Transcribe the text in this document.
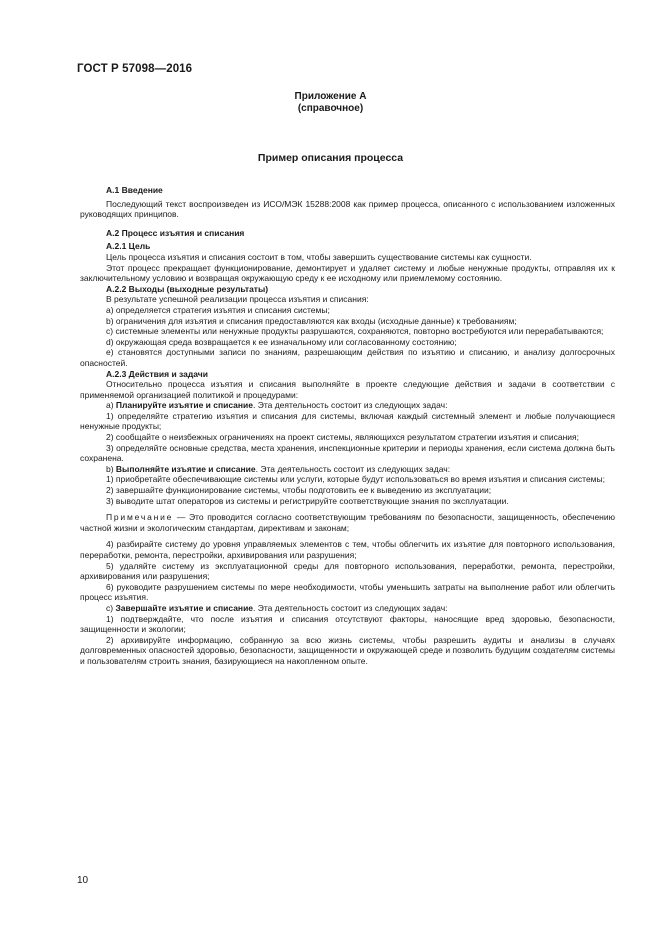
ГОСТ Р 57098—2016
Приложение А
(справочное)
Пример описания процесса

А.1 Введение

Последующий текст воспроизведен из ИСО/МЭК 15288:2008 как пример процесса, описанного с использованием изложенных руководящих принципов.

А.2 Процесс изъятия и списания

А.2.1 Цель

Цель процесса изъятия и списания состоит в том, чтобы завершить существование системы как сущности.

Этот процесс прекращает функционирование, демонтирует и удаляет систему и любые ненужные продукты, отправляя их к заключительному условию и возвращая окружающую среду к ее исходному или приемлемому состоянию.

А.2.2 Выходы (выходные результаты)

В результате успешной реализации процесса изъятия и списания:

а) определяется стратегия изъятия и списания системы;

b) ограничения для изъятия и списания предоставляются как входы (исходные данные) к требованиям;

с) системные элементы или ненужные продукты разрушаются, сохраняются, повторно востребуются или перерабатываются;

d) окружающая среда возвращается к ее изначальному или согласованному состоянию;

е) становятся доступными записи по знаниям, разрешающим действия по изъятию и списанию, и анализу долгосрочных опасностей.

А.2.3 Действия и задачи

Относительно процесса изъятия и списания выполняйте в проекте следующие действия и задачи в соответствии с применяемой организацией политикой и процедурами:

а) Планируйте изъятие и списание. Эта деятельность состоит из следующих задач:

1) определяйте стратегию изъятия и списания для системы, включая каждый системный элемент и любые получающиеся ненужные продукты;

2) сообщайте о неизбежных ограничениях на проект системы, являющихся результатом стратегии изъятия и списания;

3) определяйте основные средства, места хранения, инспекционные критерии и периоды хранения, если система должна быть сохранена.

b) Выполняйте изъятие и списание. Эта деятельность состоит из следующих задач:

1) приобретайте обеспечивающие системы или услуги, которые будут использоваться во время изъятия и списания системы;

2) завершайте функционирование системы, чтобы подготовить ее к выведению из эксплуатации;

3) выводите штат операторов из системы и регистрируйте соответствующие знания по эксплуатации.

Примечание — Это проводится согласно соответствующим требованиям по безопасности, защищенность, обеспечению частной жизни и экологическим стандартам, директивам и законам;

4) разбирайте систему до уровня управляемых элементов с тем, чтобы облегчить их изъятие для повторного использования, переработки, ремонта, перестройки, архивирования или разрушения;

5) удаляйте систему из эксплуатационной среды для повторного использования, переработки, ремонта, перестройки, архивирования или разрушения;

6) руководите разрушением системы по мере необходимости, чтобы уменьшить затраты на выполнение работ или облегчить процесс изъятия.

с) Завершайте изъятие и списание. Эта деятельность состоит из следующих задач:

1) подтверждайте, что после изъятия и списания отсутствуют факторы, наносящие вред здоровью, безопасности, защищенности и экологии;

2) архивируйте информацию, собранную за всю жизнь системы, чтобы разрешить аудиты и анализы в случаях долговременных опасностей здоровью, безопасности, защищенности и окружающей среде и позволить будущим создателям системы и пользователям строить знания, базирующиеся на накопленном опыте.

10
